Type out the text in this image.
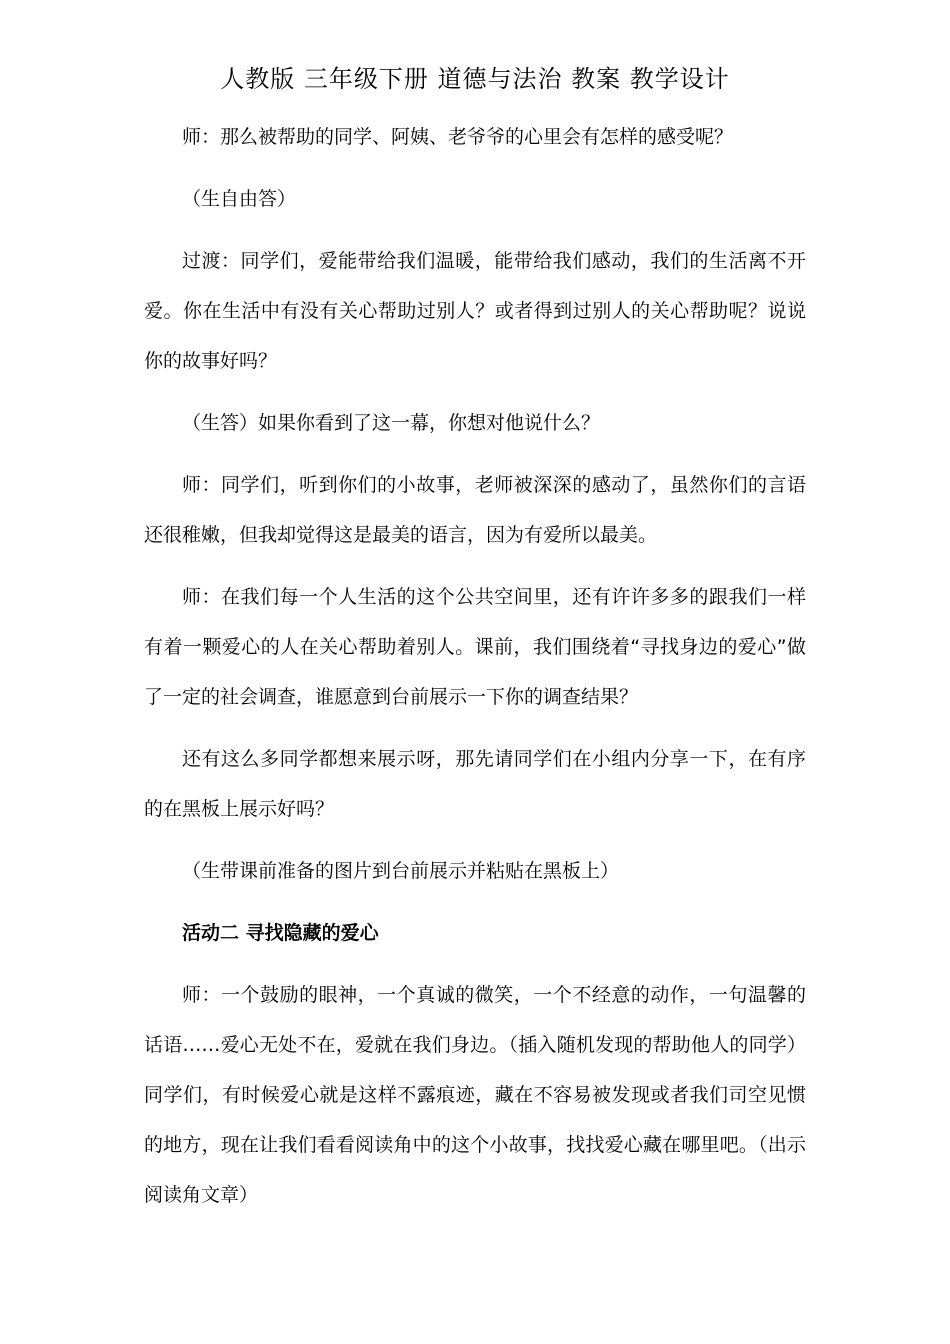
人教版 三年级下册 道德与法治 教案 教学设计

师：那么被帮助的同学、阿姨、老爷爷的心里会有怎样的感受呢？

（生自由答）

过渡：同学们，爱能带给我们温暖，能带给我们感动，我们的生活离不开爱。你在生活中有没有关心帮助过别人？或者得到过别人的关心帮助呢？说说你的故事好吗？

（生答）如果你看到了这一幕，你想对他说什么？

师：同学们，听到你们的小故事，老师被深深的感动了，虽然你们的言语还很稚嫩，但我却觉得这是最美的语言，因为有爱所以最美。

师：在我们每一个人生活的这个公共空间里，还有许许多多的跟我们一样有着一颗爱心的人在关心帮助着别人。课前，我们围绕着“寻找身边的爱心”做了一定的社会调查，谁愿意到台前展示一下你的调查结果？

还有这么多同学都想来展示呀，那先请同学们在小组内分享一下，在有序的在黑板上展示好吗？

（生带课前准备的图片到台前展示并粘贴在黑板上）

活动二 寻找隐藏的爱心

师：一个鼓励的眼神，一个真诚的微笑，一个不经意的动作，一句温馨的话语……爱心无处不在，爱就在我们身边。（插入随机发现的帮助他人的同学）同学们，有时候爱心就是这样不露痕迹，藏在不容易被发现或者我们司空见惯的地方，现在让我们看看阅读角中的这个小故事，找找爱心藏在哪里吧。（出示阅读角文章）
